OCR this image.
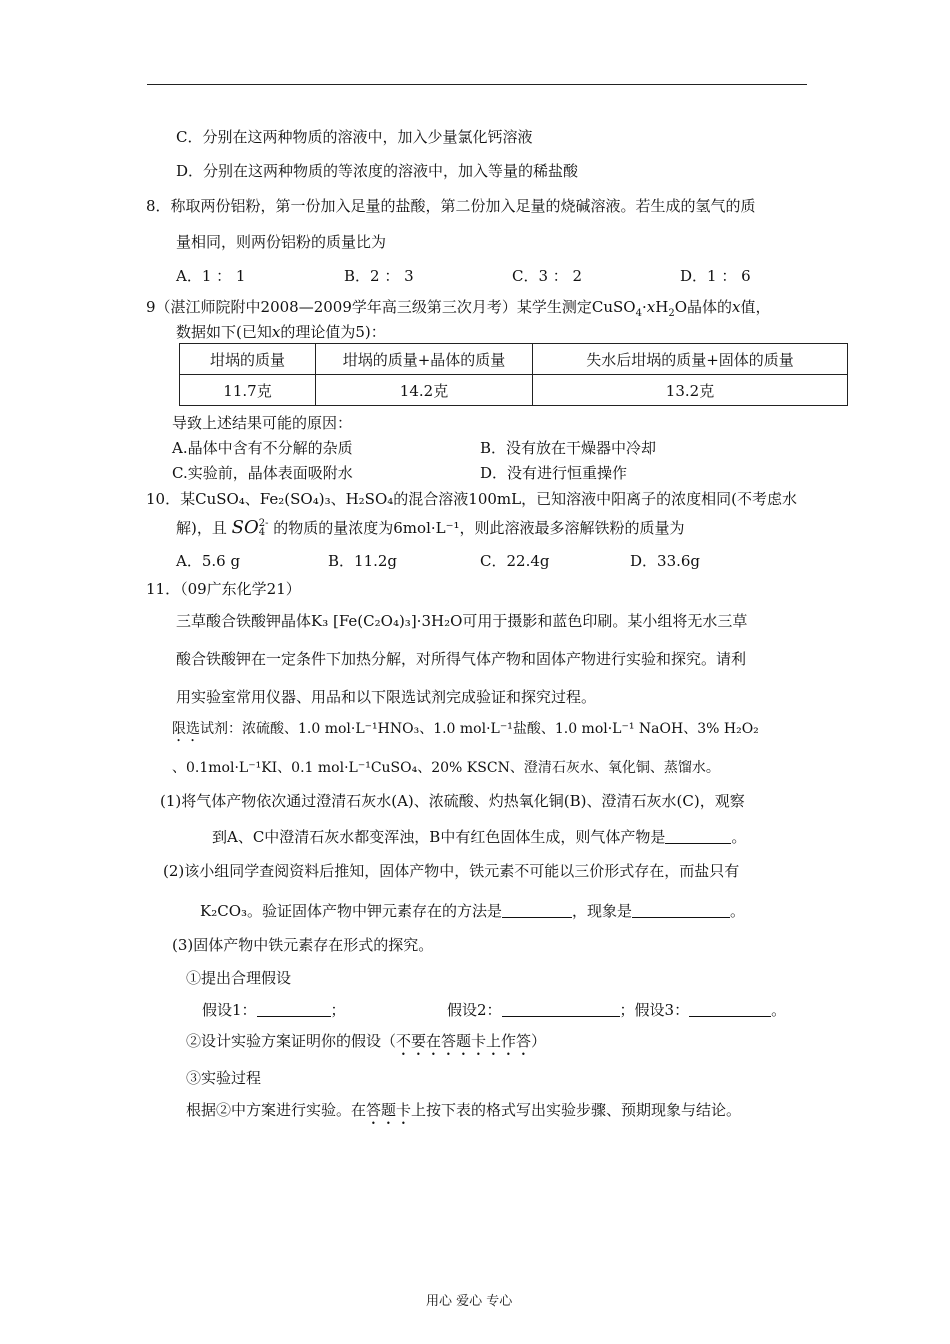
C．分别在这两种物质的溶液中，加入少量氯化钙溶液
D．分别在这两种物质的等浓度的溶液中，加入等量的稀盐酸
8．称取两份铝粉，第一份加入足量的盐酸，第二份加入足量的烧碱溶液。若生成的氢气的质
量相同，则两份铝粉的质量比为
A．1 ： 1	B．2 ： 3	C．3 ： 2	D．1 ： 6
9（湛江师院附中2008—2009学年高三级第三次月考）某学生测定$CuSO_4\cdot xH_2O$晶体的x值，
数据如下(已知x的理论值为5)：
坩埚的质量	坩埚的质量+晶体的质量	失水后坩埚的质量+固体的质量
11.7克	14.2克	13.2克
导致上述结果可能的原因：
A.晶体中含有不分解的杂质	B．没有放在干燥器中冷却
C.实验前，晶体表面吸附水	D．没有进行恒重操作
10．某CuSO₄、Fe₂(SO₄)₃、H₂SO₄的混合溶液100mL，已知溶液中阳离子的浓度相同(不考虑水
解)，且 SO2-
4 的物质的量浓度为6mol·L⁻¹，则此溶液最多溶解铁粉的质量为
A．5.6 g	B．11.2g	C．22.4g	D．33.6g
11．（09广东化学21）
三草酸合铁酸钾晶体K₃ [Fe(C₂O₄)₃]·3H₂O可用于摄影和蓝色印刷。某小组将无水三草
酸合铁酸钾在一定条件下加热分解，对所得气体产物和固体产物进行实验和探究。请利
用实验室常用仪器、用品和以下限选试剂完成验证和探究过程。
限选试剂：浓硫酸、1.0 mol·L⁻¹HNO₃、1.0 mol·L⁻¹盐酸、1.0 mol·L⁻¹ NaOH、3% H₂O₂
、0.1mol·L⁻¹KI、0.1 mol·L⁻¹CuSO₄、20% KSCN、澄清石灰水、氧化铜、蒸馏水。
(1)将气体产物依次通过澄清石灰水(A)、浓硫酸、灼热氧化铜(B)、澄清石灰水(C)，观察
到A、C中澄清石灰水都变浑浊，B中有红色固体生成，则气体产物是	。
(2)该小组同学查阅资料后推知，固体产物中，铁元素不可能以三价形式存在，而盐只有
K₂CO₃。验证固体产物中钾元素存在的方法是	，现象是	。
(3)固体产物中铁元素存在形式的探究。
①提出合理假设
假设1：	；	假设2：	；假设3：	。
②设计实验方案证明你的假设（不要在答题卡上作答）
③实验过程
根据②中方案进行实验。在答题卡上按下表的格式写出实验步骤、预期现象与结论。
用心 爱心 专心
